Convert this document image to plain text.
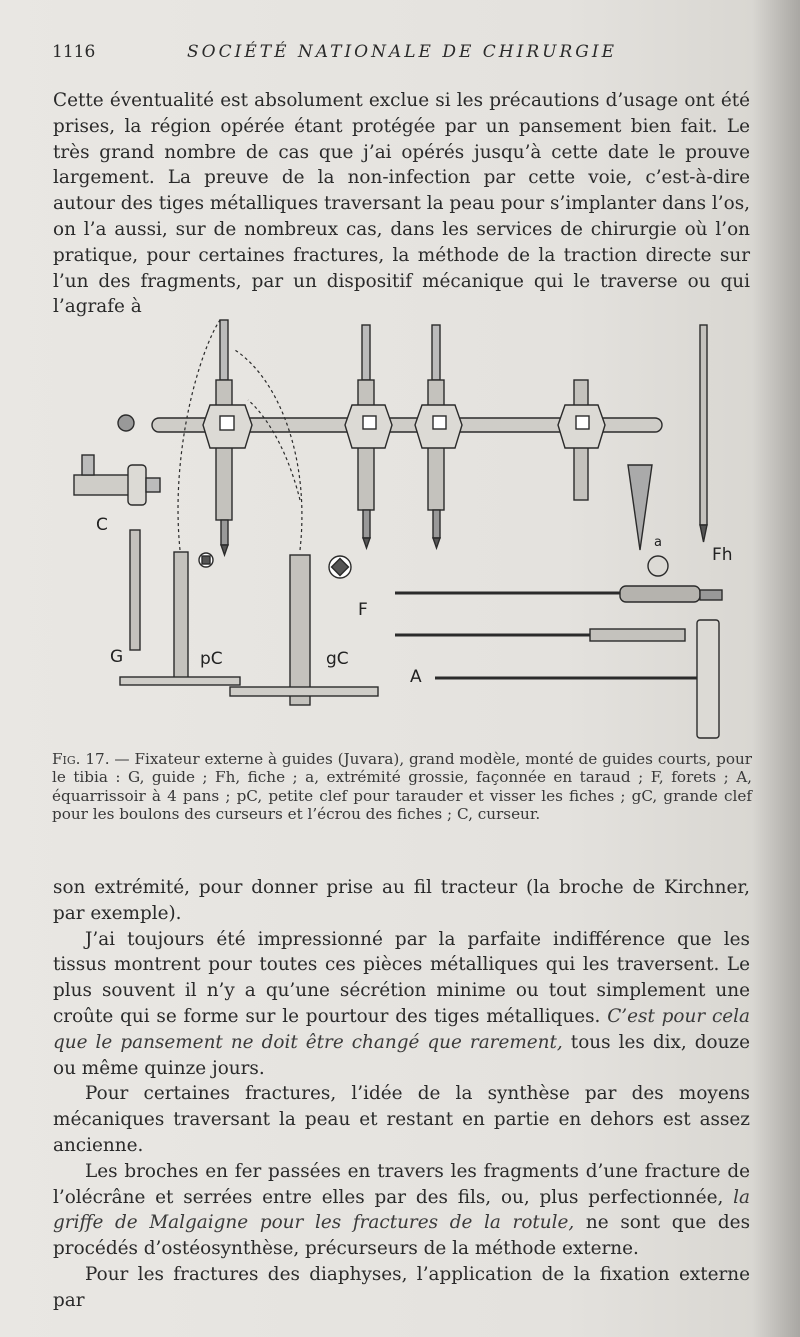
1116	SOCIÉTÉ NATIONALE DE CHIRURGIE

Cette éventualité est absolument exclue si les précautions d’usage ont été prises, la région opérée étant protégée par un pansement bien fait. Le très grand nombre de cas que j’ai opérés jusqu’à cette date le prouve largement. La preuve de la non-infection par cette voie, c’est-à-dire autour des tiges métalliques traversant la peau pour s’implanter dans l’os, on l’a aussi, sur de nombreux cas, dans les services de chirurgie où l’on pratique, pour certaines fractures, la méthode de la traction directe sur l’un des fragments, par un dispositif mécanique qui le traverse ou qui l’agrafe à

C
a
Fh
G	pC	gC
F
A
Fig. 17. — Fixateur externe à guides (Juvara), grand modèle, monté de guides courts, pour le tibia : G, guide ; Fh, fiche ; a, extrémité grossie, façonnée en taraud ; F, forets ; A, équarrissoir à 4 pans ; pC, petite clef pour tarauder et visser les fiches ; gC, grande clef pour les boulons des curseurs et l’écrou des fiches ; C, curseur.

son extrémité, pour donner prise au fil tracteur (la broche de Kirchner, par exemple).

J’ai toujours été impressionné par la parfaite indifférence que les tissus montrent pour toutes ces pièces métalliques qui les traversent. Le plus souvent il n’y a qu’une sécrétion minime ou tout simplement une croûte qui se forme sur le pourtour des tiges métalliques. C’est pour cela que le pansement ne doit être changé que rarement, tous les dix, douze ou même quinze jours.

Pour certaines fractures, l’idée de la synthèse par des moyens mécaniques traversant la peau et restant en partie en dehors est assez ancienne.

Les broches en fer passées en travers les fragments d’une fracture de l’olécrâne et serrées entre elles par des fils, ou, plus perfectionnée, la griffe de Malgaigne pour les fractures de la rotule, ne sont que des procédés d’ostéosynthèse, précurseurs de la méthode externe.

Pour les fractures des diaphyses, l’application de la fixation externe par
